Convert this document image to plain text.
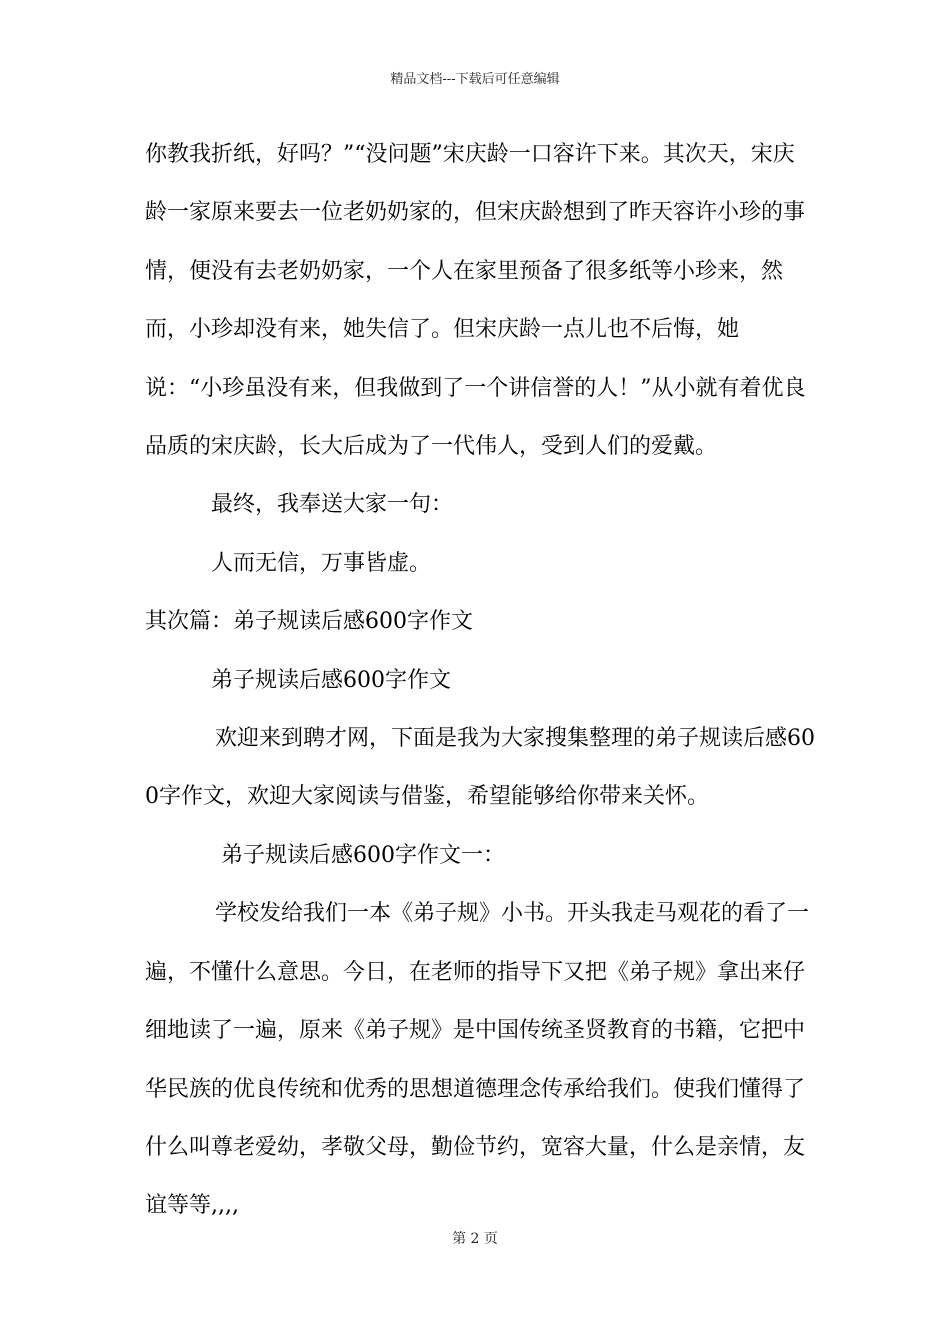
精品文档---下载后可任意编辑

你教我折纸，好吗？”“没问题”宋庆龄一口容许下来。其次天，宋庆龄一家原来要去一位老奶奶家的，但宋庆龄想到了昨天容许小珍的事情，便没有去老奶奶家，一个人在家里预备了很多纸等小珍来，然而，小珍却没有来，她失信了。但宋庆龄一点儿也不后悔，她说：“小珍虽没有来，但我做到了一个讲信誉的人！”从小就有着优良品质的宋庆龄，长大后成为了一代伟人，受到人们的爱戴。

最终，我奉送大家一句：

人而无信，万事皆虚。

其次篇：弟子规读后感600字作文

弟子规读后感600字作文

欢迎来到聘才网，下面是我为大家搜集整理的弟子规读后感600字作文，欢迎大家阅读与借鉴，希望能够给你带来关怀。

弟子规读后感600字作文一：

学校发给我们一本《弟子规》小书。开头我走马观花的看了一遍，不懂什么意思。今日，在老师的指导下又把《弟子规》拿出来仔细地读了一遍，原来《弟子规》是中国传统圣贤教育的书籍，它把中华民族的优良传统和优秀的思想道德理念传承给我们。使我们懂得了什么叫尊老爱幼，孝敬父母，勤俭节约，宽容大量，什么是亲情，友谊等等,,,,

第 2 页
